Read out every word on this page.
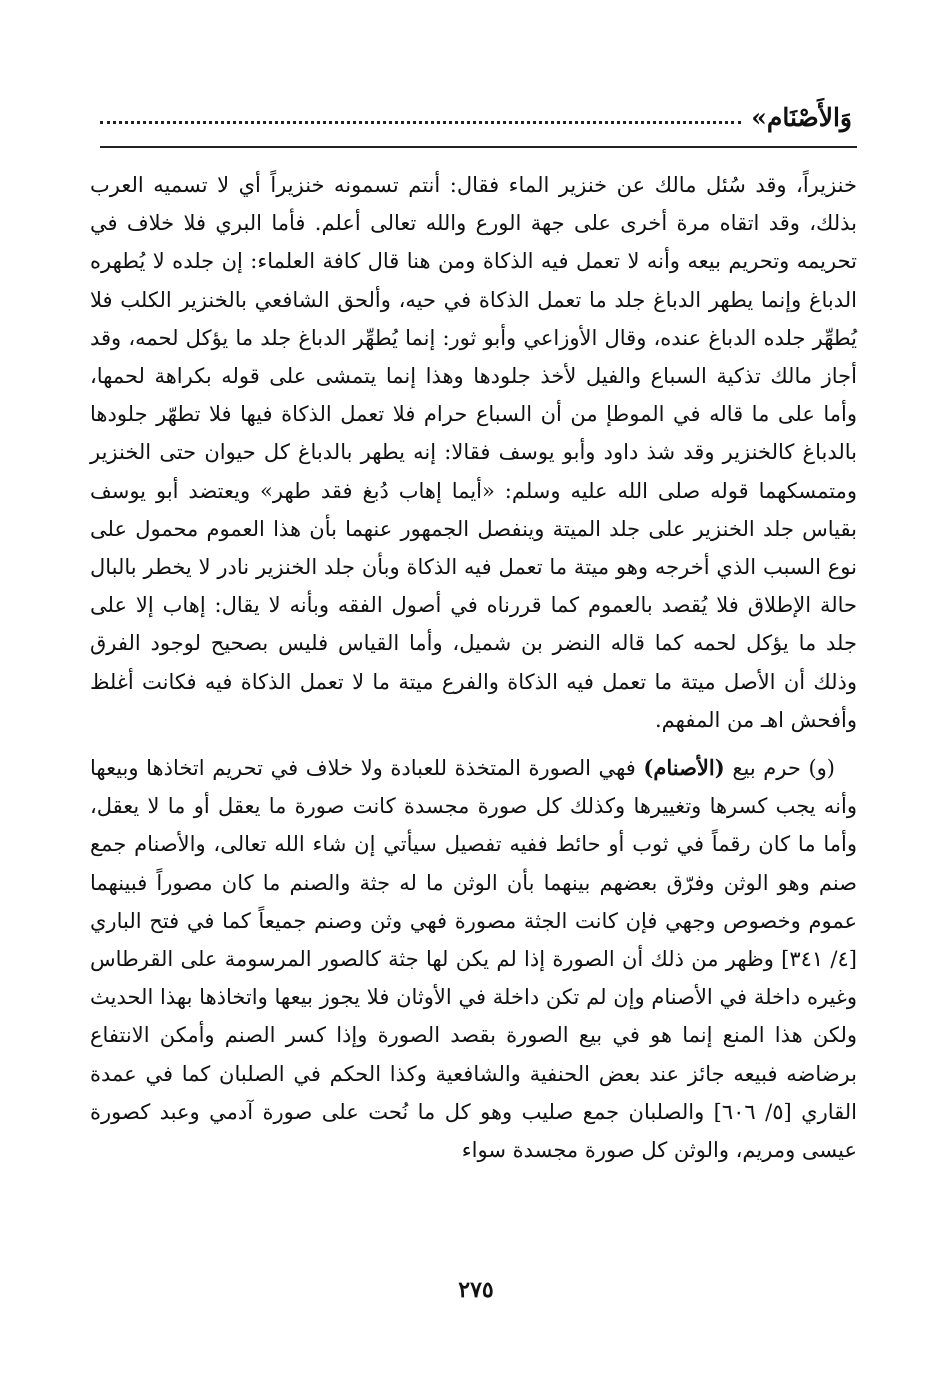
وَالأَصْنَام»

خنزيراً، وقد سُئل مالك عن خنزير الماء فقال: أنتم تسمونه خنزيراً أي لا تسميه العرب بذلك، وقد اتقاه مرة أخرى على جهة الورع والله تعالى أعلم. فأما البري فلا خلاف في تحريمه وتحريم بيعه وأنه لا تعمل فيه الذكاة ومن هنا قال كافة العلماء: إن جلده لا يُطهره الدباغ وإنما يطهر الدباغ جلد ما تعمل الذكاة في حيه، وألحق الشافعي بالخنزير الكلب فلا يُطهِّر جلده الدباغ عنده، وقال الأوزاعي وأبو ثور: إنما يُطهِّر الدباغ جلد ما يؤكل لحمه، وقد أجاز مالك تذكية السباع والفيل لأخذ جلودها وهذا إنما يتمشى على قوله بكراهة لحمها، وأما على ما قاله في الموطإ من أن السباع حرام فلا تعمل الذكاة فيها فلا تطهّر جلودها بالدباغ كالخنزير وقد شذ داود وأبو يوسف فقالا: إنه يطهر بالدباغ كل حيوان حتى الخنزير ومتمسكهما قوله صلى الله عليه وسلم: «أيما إهاب دُبغ فقد طهر» ويعتضد أبو يوسف بقياس جلد الخنزير على جلد الميتة وينفصل الجمهور عنهما بأن هذا العموم محمول على نوع السبب الذي أخرجه وهو ميتة ما تعمل فيه الذكاة وبأن جلد الخنزير نادر لا يخطر بالبال حالة الإطلاق فلا يُقصد بالعموم كما قررناه في أصول الفقه وبأنه لا يقال: إهاب إلا على جلد ما يؤكل لحمه كما قاله النضر بن شميل، وأما القياس فليس بصحيح لوجود الفرق وذلك أن الأصل ميتة ما تعمل فيه الذكاة والفرع ميتة ما لا تعمل الذكاة فيه فكانت أغلظ وأفحش اهـ من المفهم.

(و) حرم بيع (الأصنام) فهي الصورة المتخذة للعبادة ولا خلاف في تحريم اتخاذها وبيعها وأنه يجب كسرها وتغييرها وكذلك كل صورة مجسدة كانت صورة ما يعقل أو ما لا يعقل، وأما ما كان رقماً في ثوب أو حائط ففيه تفصيل سيأتي إن شاء الله تعالى، والأصنام جمع صنم وهو الوثن وفرّق بعضهم بينهما بأن الوثن ما له جثة والصنم ما كان مصوراً فبينهما عموم وخصوص وجهي فإن كانت الجثة مصورة فهي وثن وصنم جميعاً كما في فتح الباري [٤/ ٣٤١] وظهر من ذلك أن الصورة إذا لم يكن لها جثة كالصور المرسومة على القرطاس وغيره داخلة في الأصنام وإن لم تكن داخلة في الأوثان فلا يجوز بيعها واتخاذها بهذا الحديث ولكن هذا المنع إنما هو في بيع الصورة بقصد الصورة وإذا كسر الصنم وأمكن الانتفاع برضاضه فبيعه جائز عند بعض الحنفية والشافعية وكذا الحكم في الصلبان كما في عمدة القاري [٥/ ٦٠٦] والصلبان جمع صليب وهو كل ما نُحت على صورة آدمي وعبد كصورة عيسى ومريم، والوثن كل صورة مجسدة سواء

٢٧٥
